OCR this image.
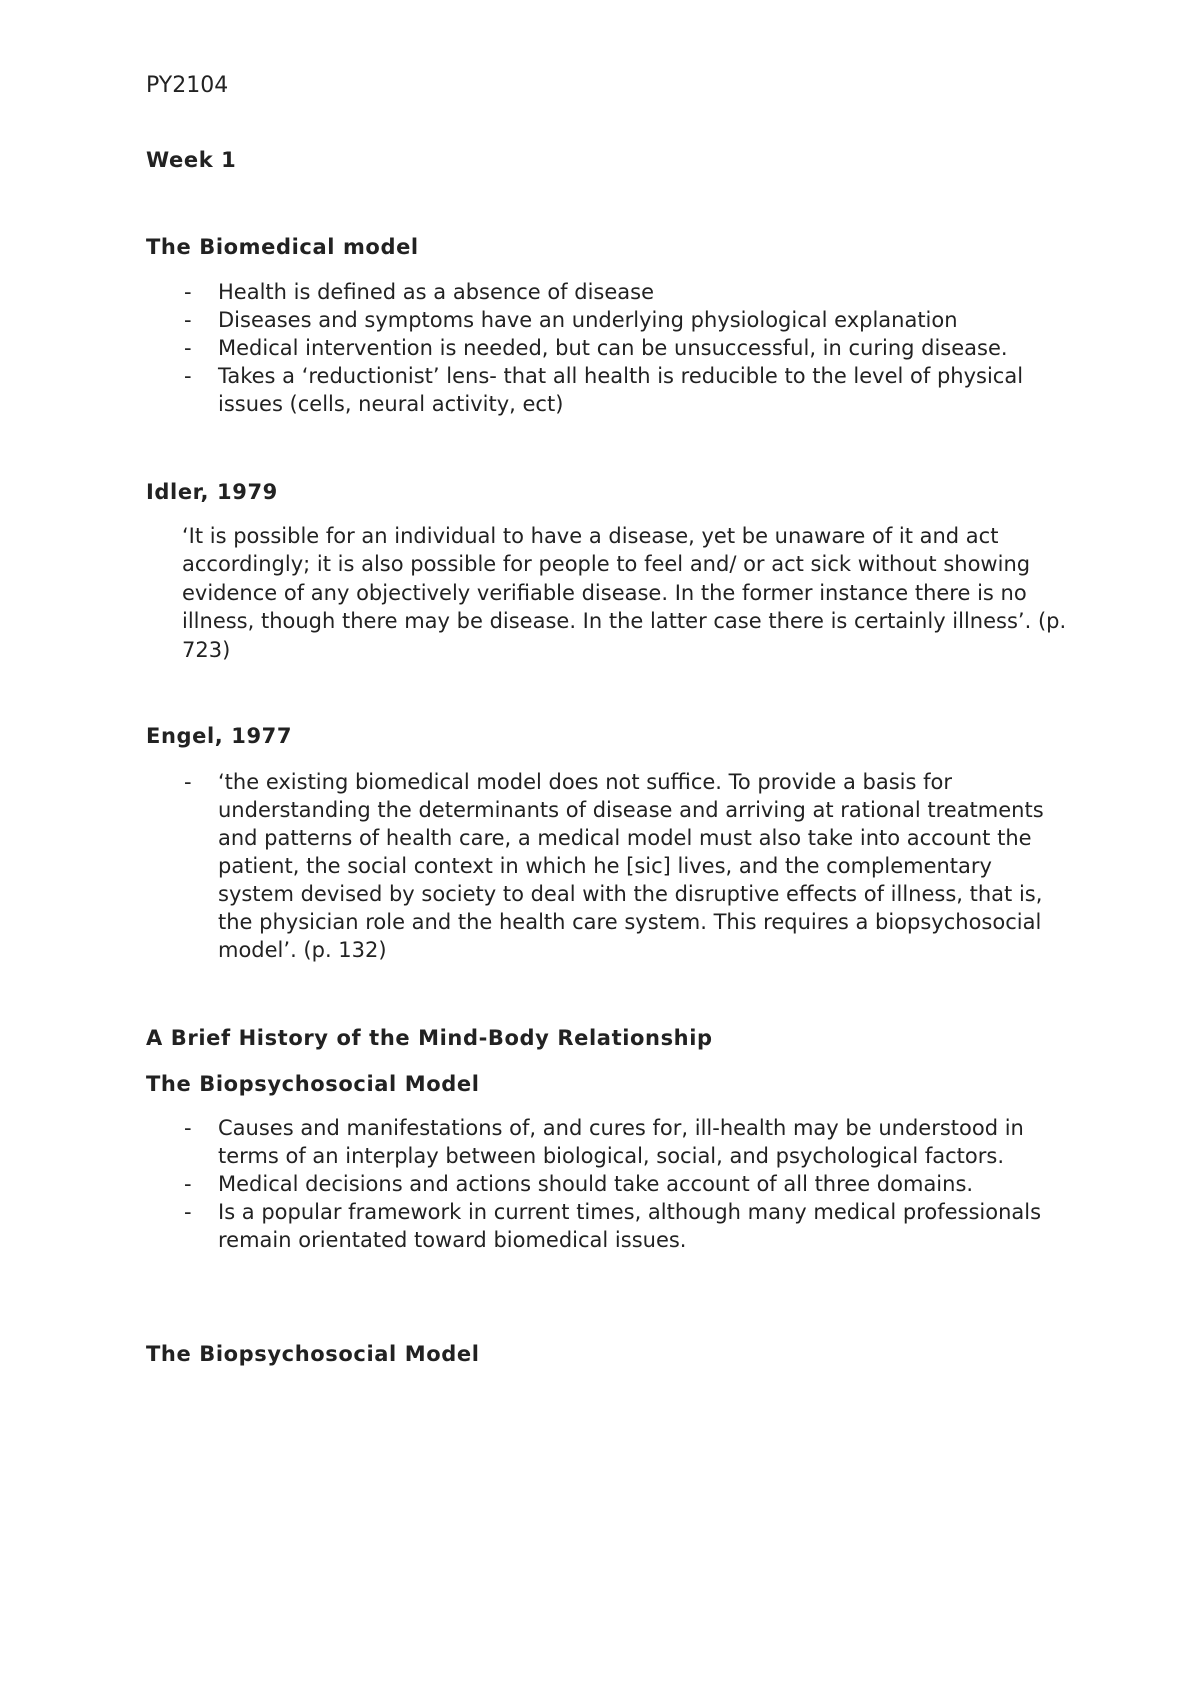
PY2104

Week 1
The Biomedical model
- Health is defined as a absence of disease
- Diseases and symptoms have an underlying physiological explanation
- Medical intervention is needed, but can be unsuccessful, in curing disease.
- Takes a ‘reductionist’ lens- that all health is reducible to the level of physical issues (cells, neural activity, ect)
Idler, 1979

‘It is possible for an individual to have a disease, yet be unaware of it and act accordingly; it is also possible for people to feel and/ or act sick without showing evidence of any objectively verifiable disease. In the former instance there is no illness, though there may be disease. In the latter case there is certainly illness’. (p. 723)

Engel, 1977
- ‘the existing biomedical model does not suffice. To provide a basis for understanding the determinants of disease and arriving at rational treatments and patterns of health care, a medical model must also take into account the patient, the social context in which he [sic] lives, and the complementary system devised by society to deal with the disruptive effects of illness, that is, the physician role and the health care system. This requires a biopsychosocial model’. (p. 132)
A Brief History of the Mind-Body Relationship
The Biopsychosocial Model
- Causes and manifestations of, and cures for, ill-health may be understood in terms of an interplay between biological, social, and psychological factors.
- Medical decisions and actions should take account of all three domains.
- Is a popular framework in current times, although many medical professionals remain orientated toward biomedical issues.
The Biopsychosocial Model
